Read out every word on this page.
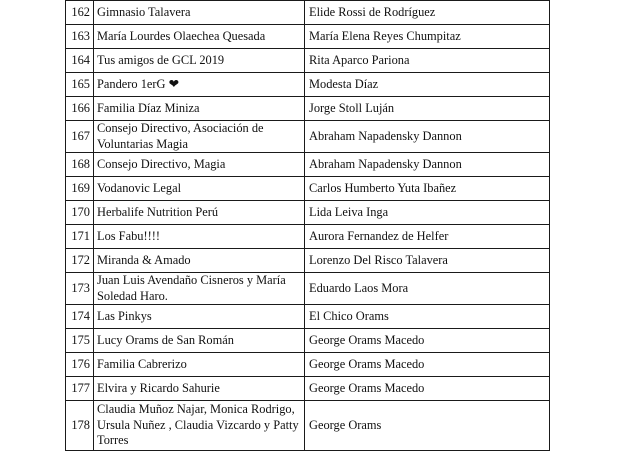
162	Gimnasio Talavera	Elide Rossi de Rodríguez
163	María Lourdes Olaechea Quesada	María Elena Reyes Chumpitaz
164	Tus amigos de GCL 2019	Rita Aparco Pariona
165	Pandero 1erG ❤	Modesta Díaz
166	Familia Díaz Miniza	Jorge Stoll Luján
167	Consejo Directivo, Asociación de Voluntarias Magia	Abraham Napadensky Dannon
168	Consejo Directivo, Magia	Abraham Napadensky Dannon
169	Vodanovic Legal	Carlos Humberto Yuta Ibañez
170	Herbalife Nutrition Perú	Lida Leiva Inga
171	Los Fabu!!!!	Aurora Fernandez de Helfer
172	Miranda & Amado	Lorenzo Del Risco Talavera
173	Juan Luis Avendaño Cisneros y María Soledad Haro.	Eduardo Laos Mora
174	Las Pinkys	El Chico Orams
175	Lucy Orams de San Román	George Orams Macedo
176	Familia Cabrerizo	George Orams Macedo
177	Elvira y Ricardo Sahurie	George Orams Macedo
178	Claudia Muñoz Najar, Monica Rodrigo, Ursula Nuñez , Claudia Vizcardo y Patty Torres	George Orams
